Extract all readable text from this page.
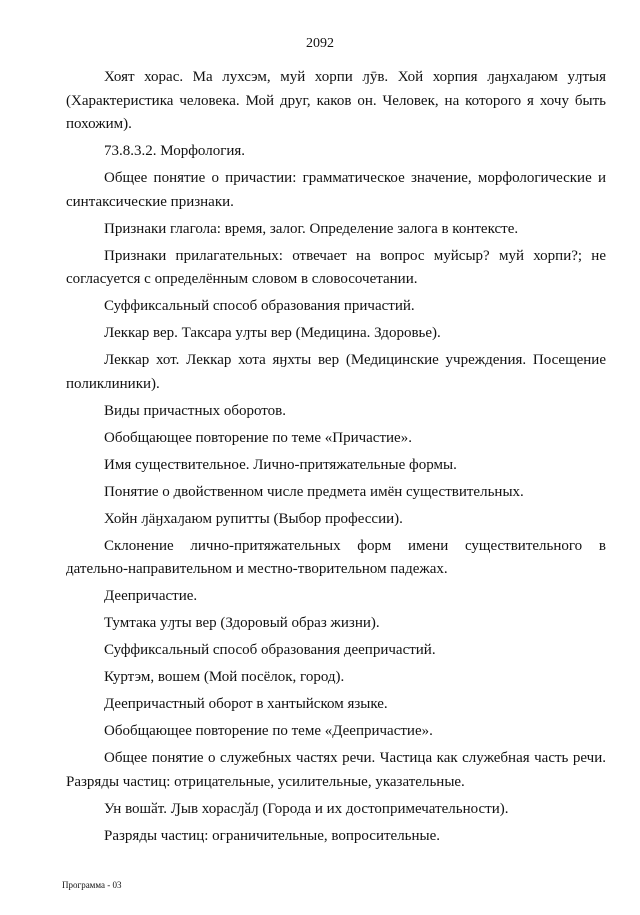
2092

Хоят хорас. Ма лухсэм, муй хорпи ԓӯв. Хой хорпия ԓаӈхаԓаюм уԓтыя (Характеристика человека. Мой друг, каков он. Человек, на которого я хочу быть похожим).

73.8.3.2. Морфология.

Общее понятие о причастии: грамматическое значение, морфологические и синтаксические признаки.

Признаки глагола: время, залог. Определение залога в контексте.

Признаки прилагательных: отвечает на вопрос муйсыр? муй хорпи?; не согласуется с определённым словом в словосочетании.

Суффиксальный способ образования причастий.

Леккар вер. Таксара уԓты вер (Медицина. Здоровье).

Леккар хот. Леккар хота яӈхты вер (Медицинские учреждения. Посещение поликлиники).

Виды причастных оборотов.

Обобщающее повторение по теме «Причастие».

Имя существительное. Лично-притяжательные формы.

Понятие о двойственном числе предмета имён существительных.

Хойн ԓӓӈхаԓаюм рупитты (Выбор профессии).

Склонение лично-притяжательных форм имени существительного в дательно-направительном и местно-творительном падежах.

Деепричастие.

Тумтака уԓты вер (Здоровый образ жизни).

Суффиксальный способ образования деепричастий.

Куртэм, вошем (Мой посёлок, город).

Деепричастный оборот в хантыйском языке.

Обобщающее повторение по теме «Деепричастие».

Общее понятие о служебных частях речи. Частица как служебная часть речи. Разряды частиц: отрицательные, усилительные, указательные.

Ун вошӑт. Ԓыв хорасԓӑԓ (Города и их достопримечательности).

Разряды частиц: ограничительные, вопросительные.

Программа - 03
